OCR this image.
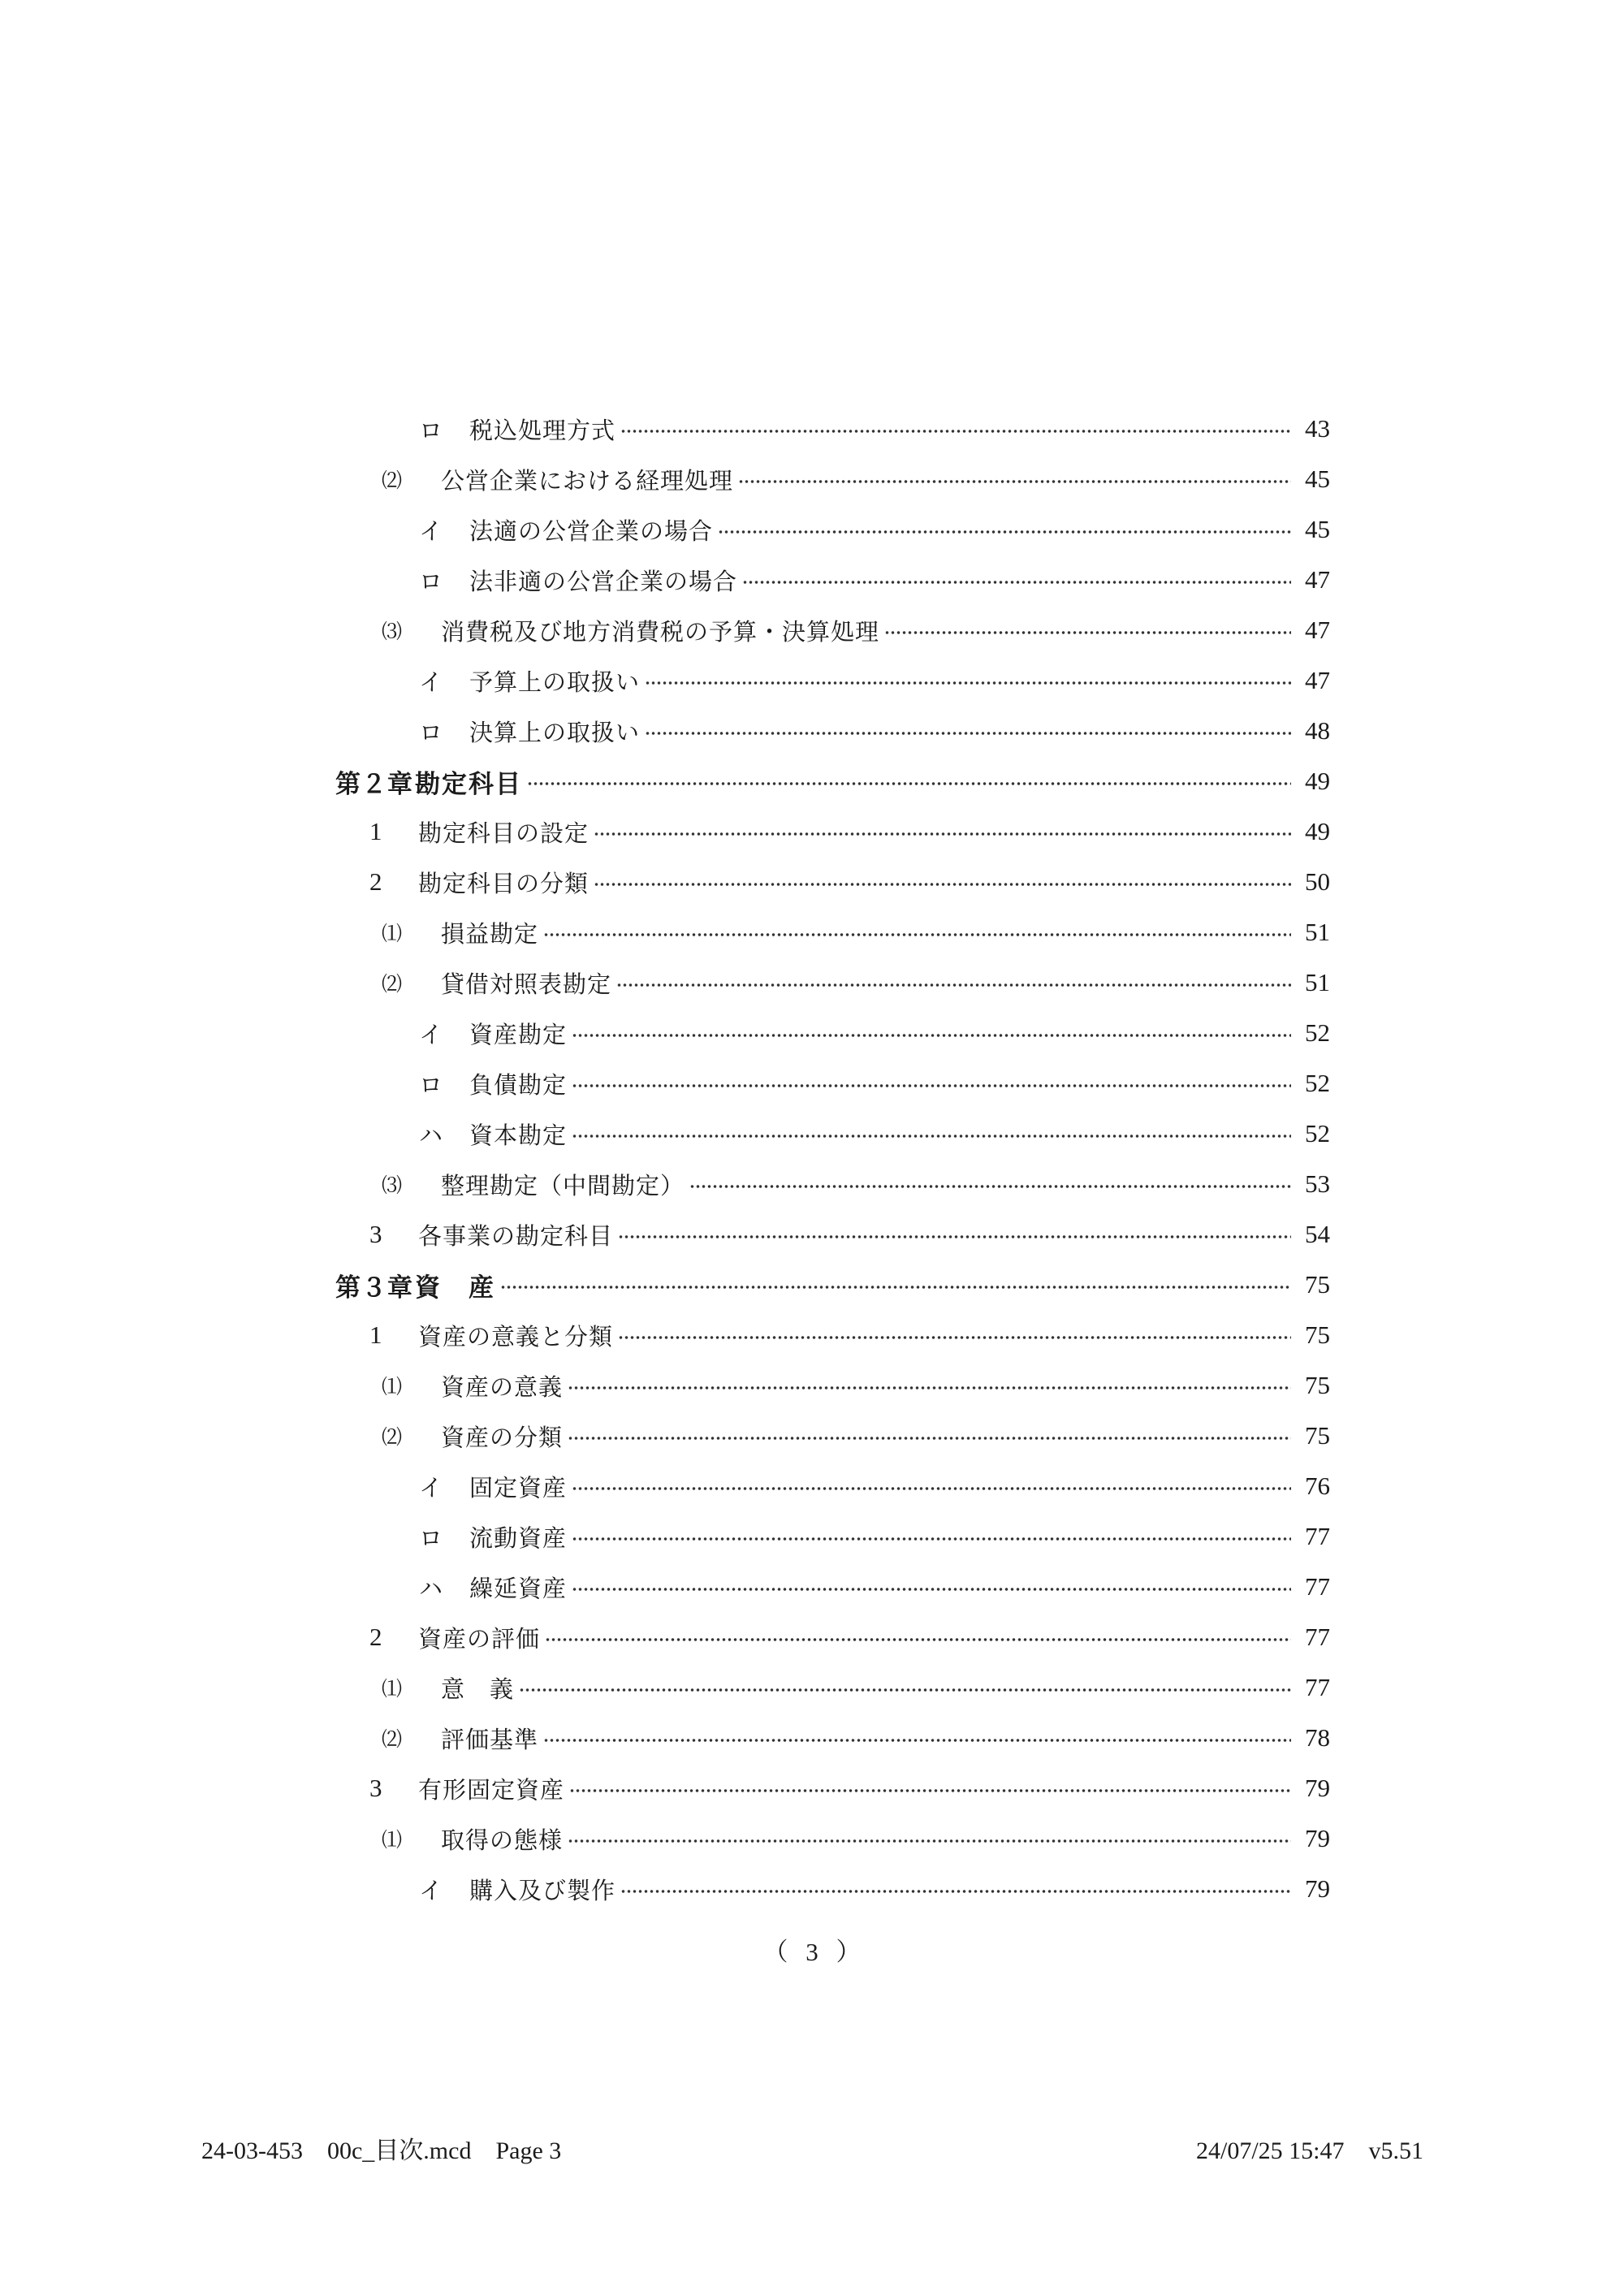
ロ	税込処理方式	43
⑵	公営企業における経理処理	45
イ	法適の公営企業の場合	45
ロ	法非適の公営企業の場合	47
⑶	消費税及び地方消費税の予算・決算処理	47
イ	予算上の取扱い	47
ロ	決算上の取扱い	48
第２章 勘定科目	49
1	勘定科目の設定	49
2	勘定科目の分類	50
⑴	損益勘定	51
⑵	貸借対照表勘定	51
イ	資産勘定	52
ロ	負債勘定	52
ハ	資本勘定	52
⑶	整理勘定（中間勘定）	53
3	各事業の勘定科目	54
第３章 資　産	75
1	資産の意義と分類	75
⑴	資産の意義	75
⑵	資産の分類	75
イ	固定資産	76
ロ	流動資産	77
ハ	繰延資産	77
2	資産の評価	77
⑴	意　義	77
⑵	評価基準	78
3	有形固定資産	79
⑴	取得の態様	79
イ	購入及び製作	79
（ 3 ）
24-03-453　00c_目次.mcd　Page 3	24/07/25 15:47　v5.51
